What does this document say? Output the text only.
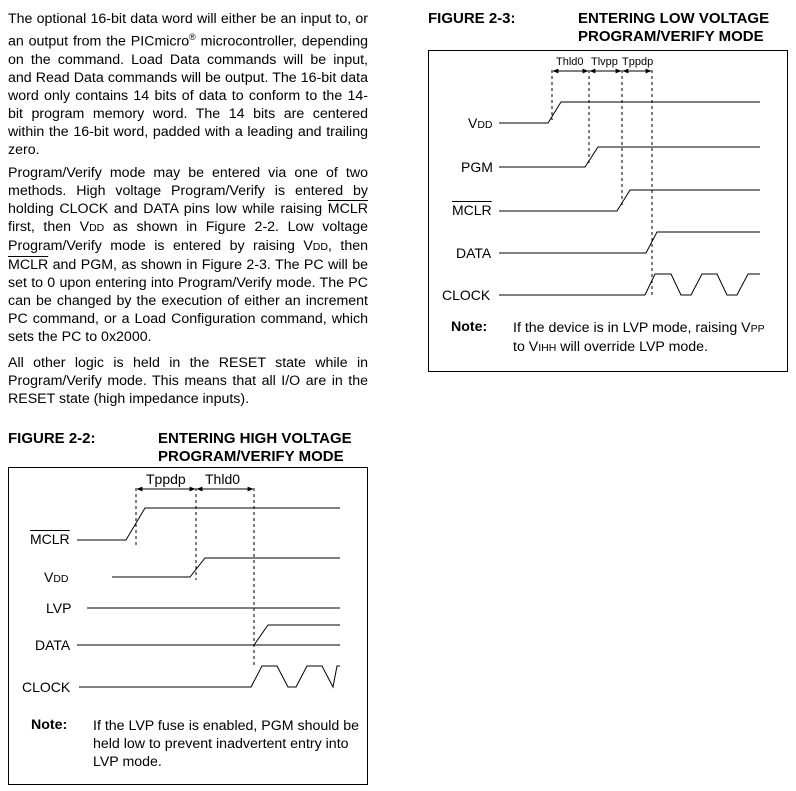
The optional 16-bit data word will either be an input to, or an output from the PICmicro® microcontroller, depending on the command. Load Data commands will be input, and Read Data commands will be output. The 16-bit data word only contains 14 bits of data to conform to the 14-bit program memory word. The 14 bits are centered within the 16-bit word, padded with a leading and trailing zero.

Program/Verify mode may be entered via one of two methods. High voltage Program/Verify is entered by holding CLOCK and DATA pins low while raising MCLR first, then VDD as shown in Figure 2-2. Low voltage Program/Verify mode is entered by raising VDD, then MCLR and PGM, as shown in Figure 2-3. The PC will be set to 0 upon entering into Program/Verify mode. The PC can be changed by the execution of either an increment PC command, or a Load Configuration command, which sets the PC to 0x2000.

All other logic is held in the RESET state while in Program/Verify mode. This means that all I/O are in the RESET state (high impedance inputs).

FIGURE 2-2:	ENTERING HIGH VOLTAGE
PROGRAM/VERIFY MODE
Tppdp Thld0
MCLR
VDD
LVP
DATA
CLOCK
Note: If the LVP fuse is enabled, PGM should be held low to prevent inadvertent entry into LVP mode.
FIGURE 2-3:	ENTERING LOW VOLTAGE
PROGRAM/VERIFY MODE
Thld0 Tlvpp Tppdp
VDD
PGM
MCLR
DATA
CLOCK
Note: If the device is in LVP mode, raising VPP
to VIHH will override LVP mode.
